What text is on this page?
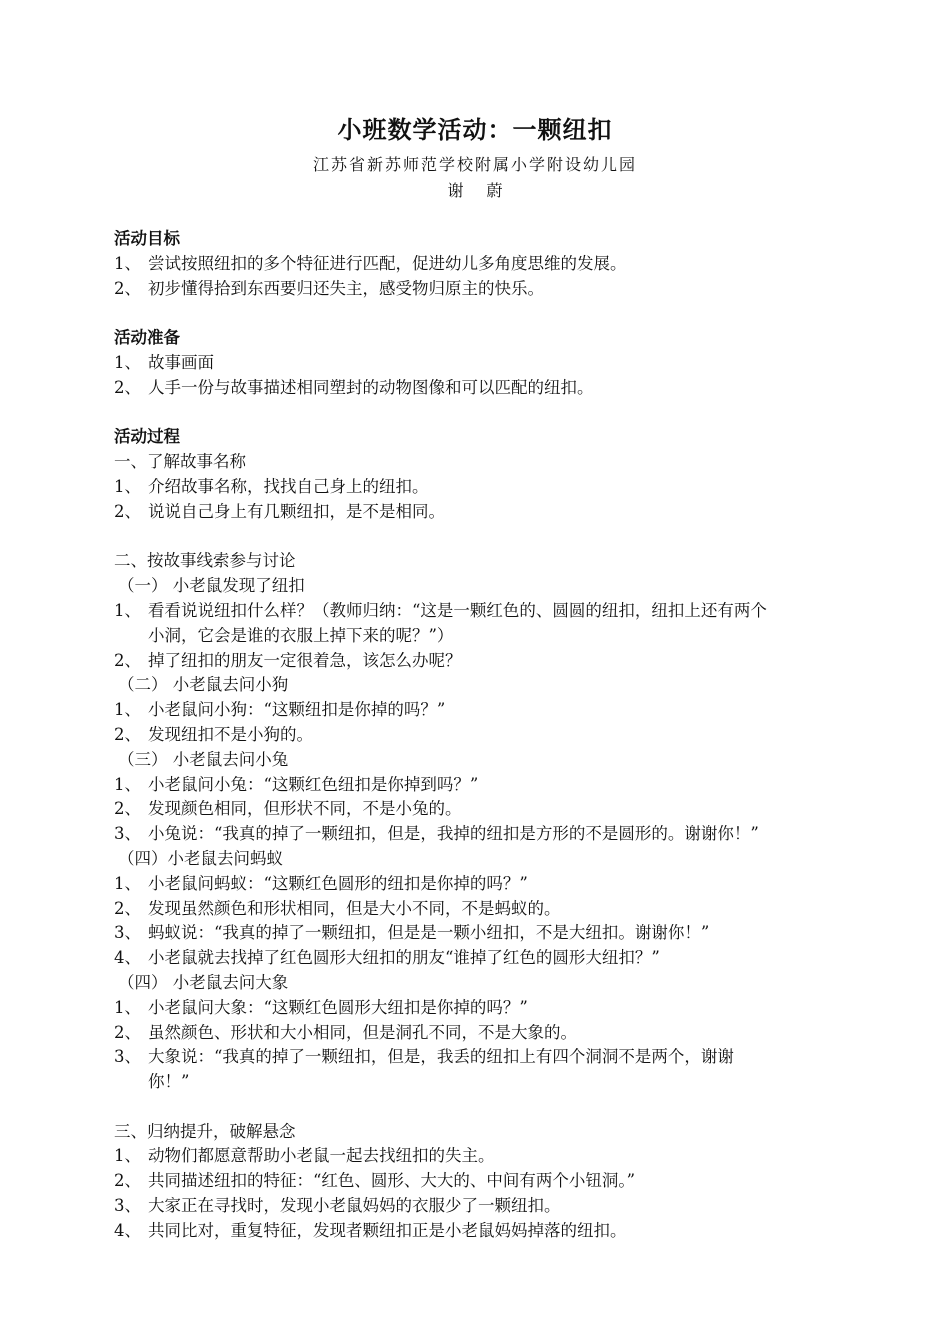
小班数学活动：一颗纽扣
江苏省新苏师范学校附属小学附设幼儿园
谢 蔚
活动目标
1、 尝试按照纽扣的多个特征进行匹配，促进幼儿多角度思维的发展。
2、 初步懂得拾到东西要归还失主，感受物归原主的快乐。
活动准备
1、 故事画面
2、 人手一份与故事描述相同塑封的动物图像和可以匹配的纽扣。
活动过程
一、了解故事名称
1、 介绍故事名称，找找自己身上的纽扣。
2、 说说自己身上有几颗纽扣，是不是相同。
二、按故事线索参与讨论
（一） 小老鼠发现了纽扣
1、 看看说说纽扣什么样？（教师归纳：“这是一颗红色的、圆圆的纽扣，纽扣上还有两个
小洞，它会是谁的衣服上掉下来的呢？”）
2、 掉了纽扣的朋友一定很着急，该怎么办呢？
（二） 小老鼠去问小狗
1、 小老鼠问小狗：“这颗纽扣是你掉的吗？”
2、 发现纽扣不是小狗的。
（三） 小老鼠去问小兔
1、 小老鼠问小兔：“这颗红色纽扣是你掉到吗？”
2、 发现颜色相同，但形状不同，不是小兔的。
3、 小兔说：“我真的掉了一颗纽扣，但是，我掉的纽扣是方形的不是圆形的。谢谢你！”
（四）小老鼠去问蚂蚁
1、 小老鼠问蚂蚁：“这颗红色圆形的纽扣是你掉的吗？”
2、 发现虽然颜色和形状相同，但是大小不同，不是蚂蚁的。
3、 蚂蚁说：“我真的掉了一颗纽扣，但是是一颗小纽扣，不是大纽扣。谢谢你！”
4、 小老鼠就去找掉了红色圆形大纽扣的朋友“谁掉了红色的圆形大纽扣？”
（四） 小老鼠去问大象
1、 小老鼠问大象：“这颗红色圆形大纽扣是你掉的吗？”
2、 虽然颜色、形状和大小相同，但是洞孔不同，不是大象的。
3、 大象说：“我真的掉了一颗纽扣，但是，我丢的纽扣上有四个洞洞不是两个，谢谢
你！”
三、归纳提升，破解悬念
1、 动物们都愿意帮助小老鼠一起去找纽扣的失主。
2、 共同描述纽扣的特征：“红色、圆形、大大的、中间有两个小钮洞。”
3、 大家正在寻找时，发现小老鼠妈妈的衣服少了一颗纽扣。
4、 共同比对，重复特征，发现者颗纽扣正是小老鼠妈妈掉落的纽扣。
